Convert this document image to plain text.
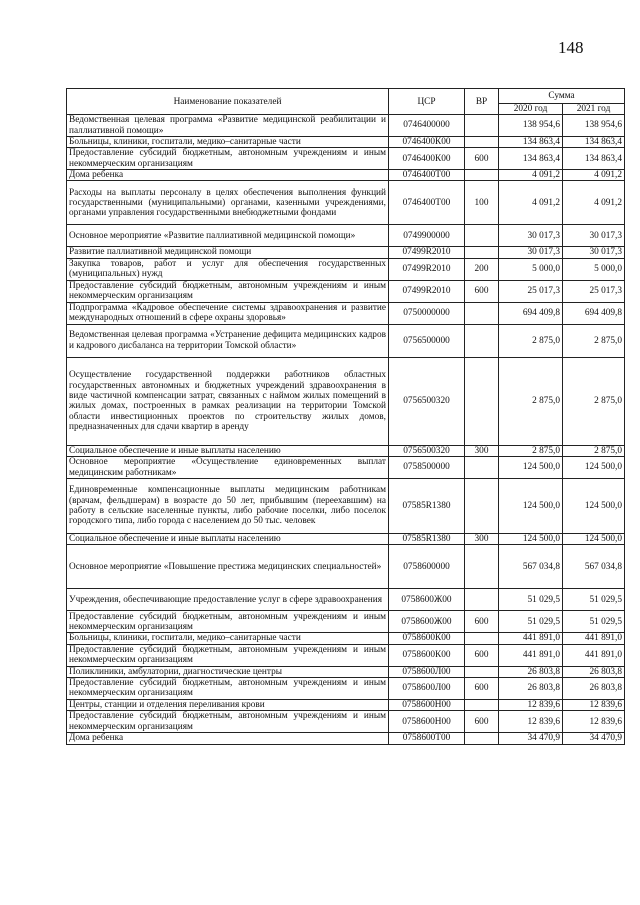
148
Наименование показателей	ЦСР	ВР	Сумма	
			2020 год	2021 год
Ведомственная целевая программа «Развитие медицинской реабилитации и паллиативной помощи»	0746400000		138 954,6	138 954,6
Больницы, клиники, госпитали, медико–санитарные части	0746400К00		134 863,4	134 863,4
Предоставление субсидий бюджетным, автономным учреждениям и иным некоммерческим организациям	0746400К00	600	134 863,4	134 863,4
Дома ребенка	0746400Т00		4 091,2	4 091,2
Расходы на выплаты персоналу в целях обеспечения выполнения функций государственными (муниципальными) органами, казенными учреждениями, органами управления государственными внебюджетными фондами	0746400Т00	100	4 091,2	4 091,2
Основное мероприятие «Развитие паллиативной медицинской помощи»	0749900000		30 017,3	30 017,3
Развитие паллиативной медицинской помощи	07499R2010		30 017,3	30 017,3
Закупка товаров, работ и услуг для обеспечения государственных (муниципальных) нужд	07499R2010	200	5 000,0	5 000,0
Предоставление субсидий бюджетным, автономным учреждениям и иным некоммерческим организациям	07499R2010	600	25 017,3	25 017,3
Подпрограмма «Кадровое обеспечение системы здравоохранения и развитие международных отношений в сфере охраны здоровья»	0750000000		694 409,8	694 409,8
Ведомственная целевая программа «Устранение дефицита медицинских кадров и кадрового дисбаланса на территории Томской области»	0756500000		2 875,0	2 875,0
Осуществление государственной поддержки работников областных государственных автономных и бюджетных учреждений здравоохранения в виде частичной компенсации затрат, связанных с наймом жилых помещений в жилых домах, построенных в рамках реализации на территории Томской области инвестиционных проектов по строительству жилых домов, предназначенных для сдачи квартир в аренду	0756500320		2 875,0	2 875,0
Социальное обеспечение и иные выплаты населению	0756500320	300	2 875,0	2 875,0
Основное мероприятие «Осуществление единовременных выплат медицинским работникам»	0758500000		124 500,0	124 500,0
Единовременные компенсационные выплаты медицинским работникам (врачам, фельдшерам) в возрасте до 50 лет, прибывшим (переехавшим) на работу в сельские населенные пункты, либо рабочие поселки, либо поселок городского типа, либо города с населением до 50 тыс. человек	07585R1380		124 500,0	124 500,0
Социальное обеспечение и иные выплаты населению	07585R1380	300	124 500,0	124 500,0
Основное мероприятие «Повышение престижа медицинских специальностей»	0758600000		567 034,8	567 034,8
Учреждения, обеспечивающие предоставление услуг в сфере здравоохранения	0758600Ж00		51 029,5	51 029,5
Предоставление субсидий бюджетным, автономным учреждениям и иным некоммерческим организациям	0758600Ж00	600	51 029,5	51 029,5
Больницы, клиники, госпитали, медико–санитарные части	0758600К00		441 891,0	441 891,0
Предоставление субсидий бюджетным, автономным учреждениям и иным некоммерческим организациям	0758600К00	600	441 891,0	441 891,0
Поликлиники, амбулатории, диагностические центры	0758600Л00		26 803,8	26 803,8
Предоставление субсидий бюджетным, автономным учреждениям и иным некоммерческим организациям	0758600Л00	600	26 803,8	26 803,8
Центры, станции и отделения переливания крови	0758600Н00		12 839,6	12 839,6
Предоставление субсидий бюджетным, автономным учреждениям и иным некоммерческим организациям	0758600Н00	600	12 839,6	12 839,6
Дома ребенка	0758600Т00		34 470,9	34 470,9
